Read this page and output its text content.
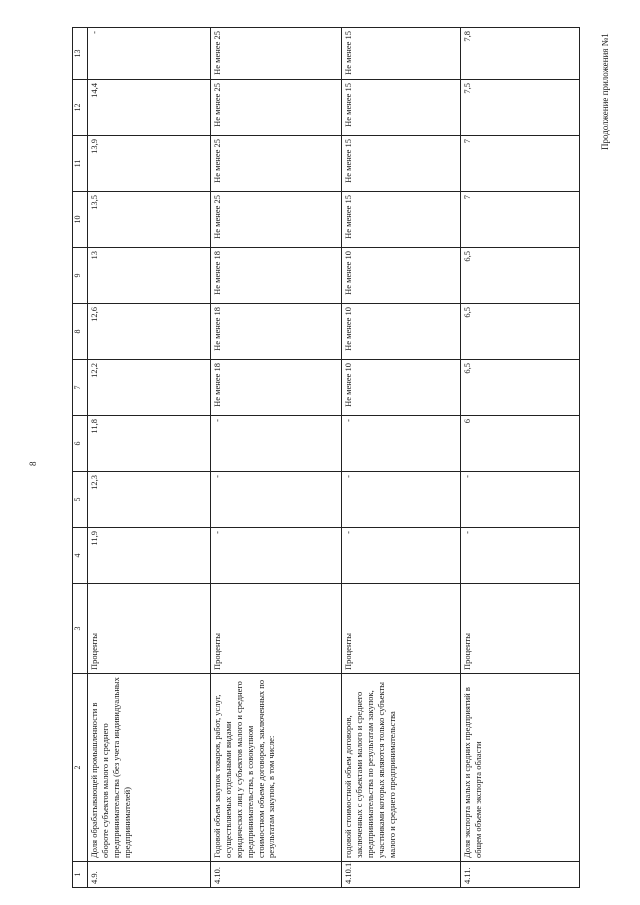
Продолжение приложения №1
8
1	2	3	4	5	6	7	8	9	10	11	12	13
4.9.	Доля обрабатывающей промышленности в обороте субъектов малого и среднего предпринимательства (без учета индивидуальных предпринимателей)	Проценты	11,9	12,3	11,8	12,2	12,6	13	13,5	13,9	14,4	-
4.10.	Годовой объем закупок товаров, работ, услуг, осуществляемых отдельными видами юридических лиц у субъектов малого и среднего предпринимательства, в совокупном стоимостном объеме договоров, заключенных по результатам закупок, в том числе:	Проценты	-	-	-	Не менее 18	Не менее 18	Не менее 18	Не менее 25	Не менее 25	Не менее 25	Не менее 25
4.10.1.	годовой стоимостной объем договоров, заключенных с субъектами малого и среднего предпринимательства по результатам закупок, участниками которых являются только субъекты малого и среднего предпринимательства	Проценты	-	-	-	Не менее 10	Не менее 10	Не менее 10	Не менее 15	Не менее 15	Не менее 15	Не менее 15
4.11.	Доля экспорта малых и средних предприятий в общем объеме экспорта области	Проценты	-	-	6	6,5	6,5	6,5	7	7	7,5	7,8
